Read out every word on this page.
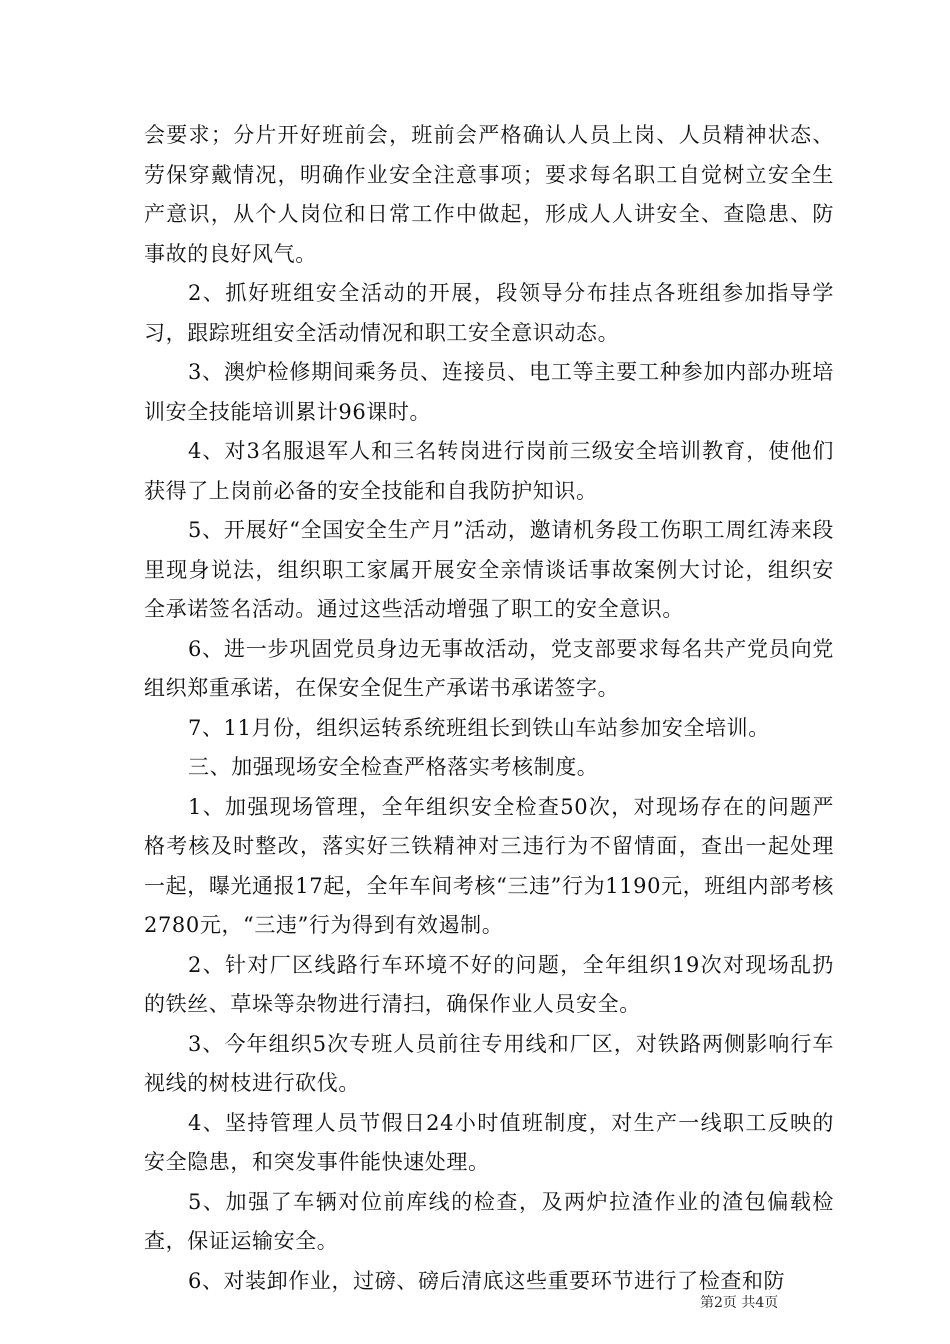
会要求；分片开好班前会，班前会严格确认人员上岗、人员精神状态、劳保穿戴情况，明确作业安全注意事项；要求每名职工自觉树立安全生产意识，从个人岗位和日常工作中做起，形成人人讲安全、查隐患、防事故的良好风气。

2、抓好班组安全活动的开展，段领导分布挂点各班组参加指导学习，跟踪班组安全活动情况和职工安全意识动态。

3、澳炉检修期间乘务员、连接员、电工等主要工种参加内部办班培训安全技能培训累计96课时。

4、对3名服退军人和三名转岗进行岗前三级安全培训教育，使他们获得了上岗前必备的安全技能和自我防护知识。

5、开展好“全国安全生产月”活动，邀请机务段工伤职工周红涛来段里现身说法，组织职工家属开展安全亲情谈话事故案例大讨论，组织安全承诺签名活动。通过这些活动增强了职工的安全意识。

6、进一步巩固党员身边无事故活动，党支部要求每名共产党员向党组织郑重承诺，在保安全促生产承诺书承诺签字。

7、11月份，组织运转系统班组长到铁山车站参加安全培训。

三、加强现场安全检查严格落实考核制度。

1、加强现场管理，全年组织安全检查50次，对现场存在的问题严格考核及时整改，落实好三铁精神对三违行为不留情面，查出一起处理一起，曝光通报17起，全年车间考核“三违”行为1190元，班组内部考核2780元，“三违”行为得到有效遏制。

2、针对厂区线路行车环境不好的问题，全年组织19次对现场乱扔的铁丝、草垛等杂物进行清扫，确保作业人员安全。

3、今年组织5次专班人员前往专用线和厂区，对铁路两侧影响行车视线的树枝进行砍伐。

4、坚持管理人员节假日24小时值班制度，对生产一线职工反映的安全隐患，和突发事件能快速处理。

5、加强了车辆对位前库线的检查，及两炉拉渣作业的渣包偏载检查，保证运输安全。

6、对装卸作业，过磅、磅后清底这些重要环节进行了检查和防

第2页 共4页
